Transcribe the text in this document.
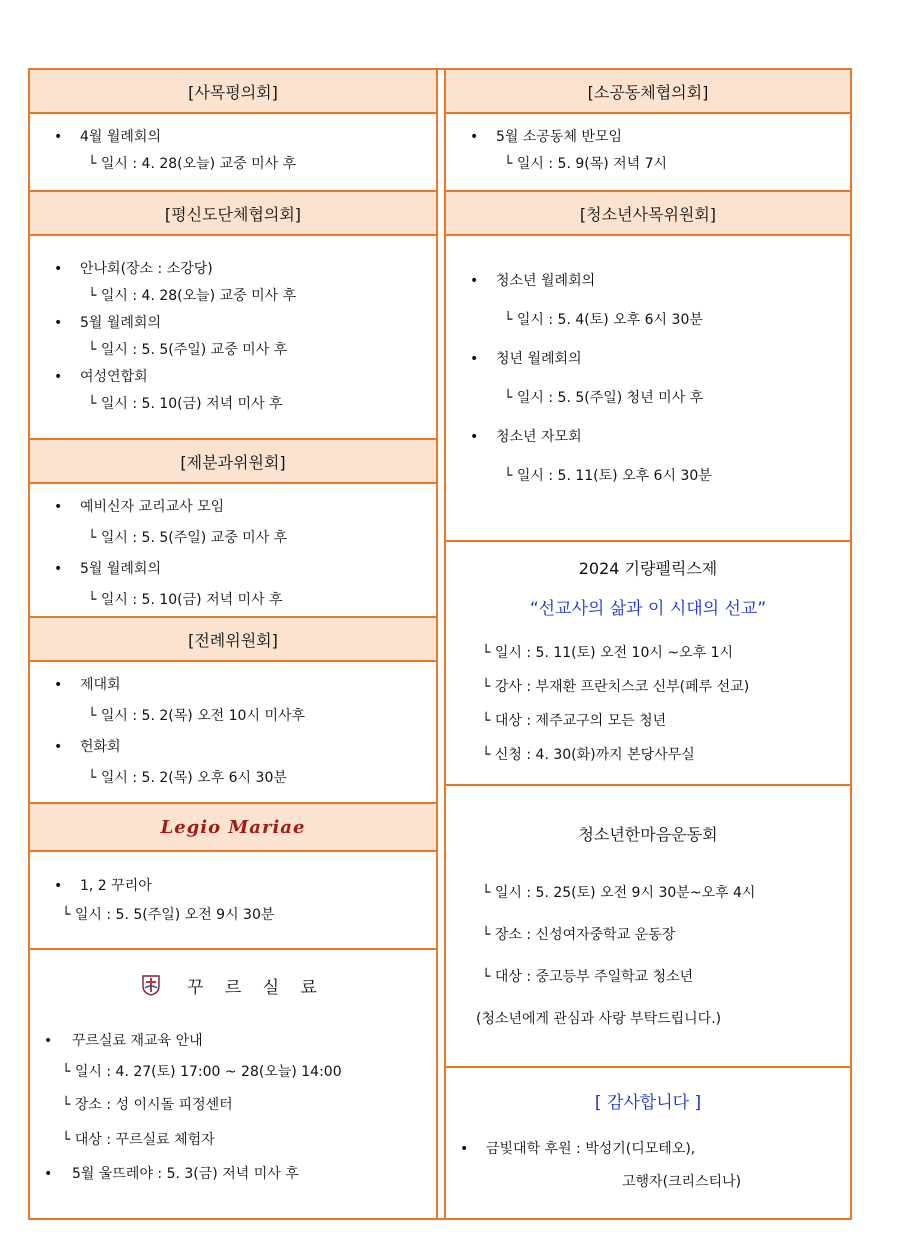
[사목평의회]
• 4월 월례회의
└ 일시 : 4. 28(오늘) 교중 미사 후
[평신도단체협의회]
• 안나회(장소 : 소강당)
└ 일시 : 4. 28(오늘) 교중 미사 후
• 5월 월례회의
└ 일시 : 5. 5(주일) 교중 미사 후
• 여성연합회
└ 일시 : 5. 10(금) 저녁 미사 후
[제분과위원회]
• 예비신자 교리교사 모임
└ 일시 : 5. 5(주일) 교중 미사 후
• 5월 월례회의
└ 일시 : 5. 10(금) 저녁 미사 후
[전례위원회]
• 제대회
└ 일시 : 5. 2(목) 오전 10시 미사후
• 헌화회
└ 일시 : 5. 2(목) 오후 6시 30분
Legio Mariae
• 1, 2 꾸리아
└ 일시 : 5. 5(주일) 오전 9시 30분
꾸 르 실 료
• 꾸르실료 재교육 안내
└ 일시 : 4. 27(토) 17:00 ~ 28(오늘) 14:00
└ 장소 : 성 이시돌 피정센터
└ 대상 : 꾸르실료 체험자
• 5월 울뜨레야 : 5. 3(금) 저녁 미사 후
[소공동체협의회]
• 5월 소공동체 반모임
└ 일시 : 5. 9(목) 저녁 7시
[청소년사목위원회]
• 청소년 월례회의
└ 일시 : 5. 4(토) 오후 6시 30분
• 청년 월례회의
└ 일시 : 5. 5(주일) 청년 미사 후
• 청소년 자모회
└ 일시 : 5. 11(토) 오후 6시 30분
2024 기량펠릭스제
“선교사의 삶과 이 시대의 선교”
└ 일시 : 5. 11(토) 오전 10시 ~오후 1시
└ 강사 : 부재환 프란치스코 신부(페루 선교)
└ 대상 : 제주교구의 모든 청년
└ 신청 : 4. 30(화)까지 본당사무실
청소년한마음운동회
└ 일시 : 5. 25(토) 오전 9시 30분~오후 4시
└ 장소 : 신성여자중학교 운동장
└ 대상 : 중고등부 주일학교 청소년
(청소년에게 관심과 사랑 부탁드립니다.)
[ 감사합니다 ]
• 금빛대학 후원 : 박성기(디모테오),
고행자(크리스티나)
